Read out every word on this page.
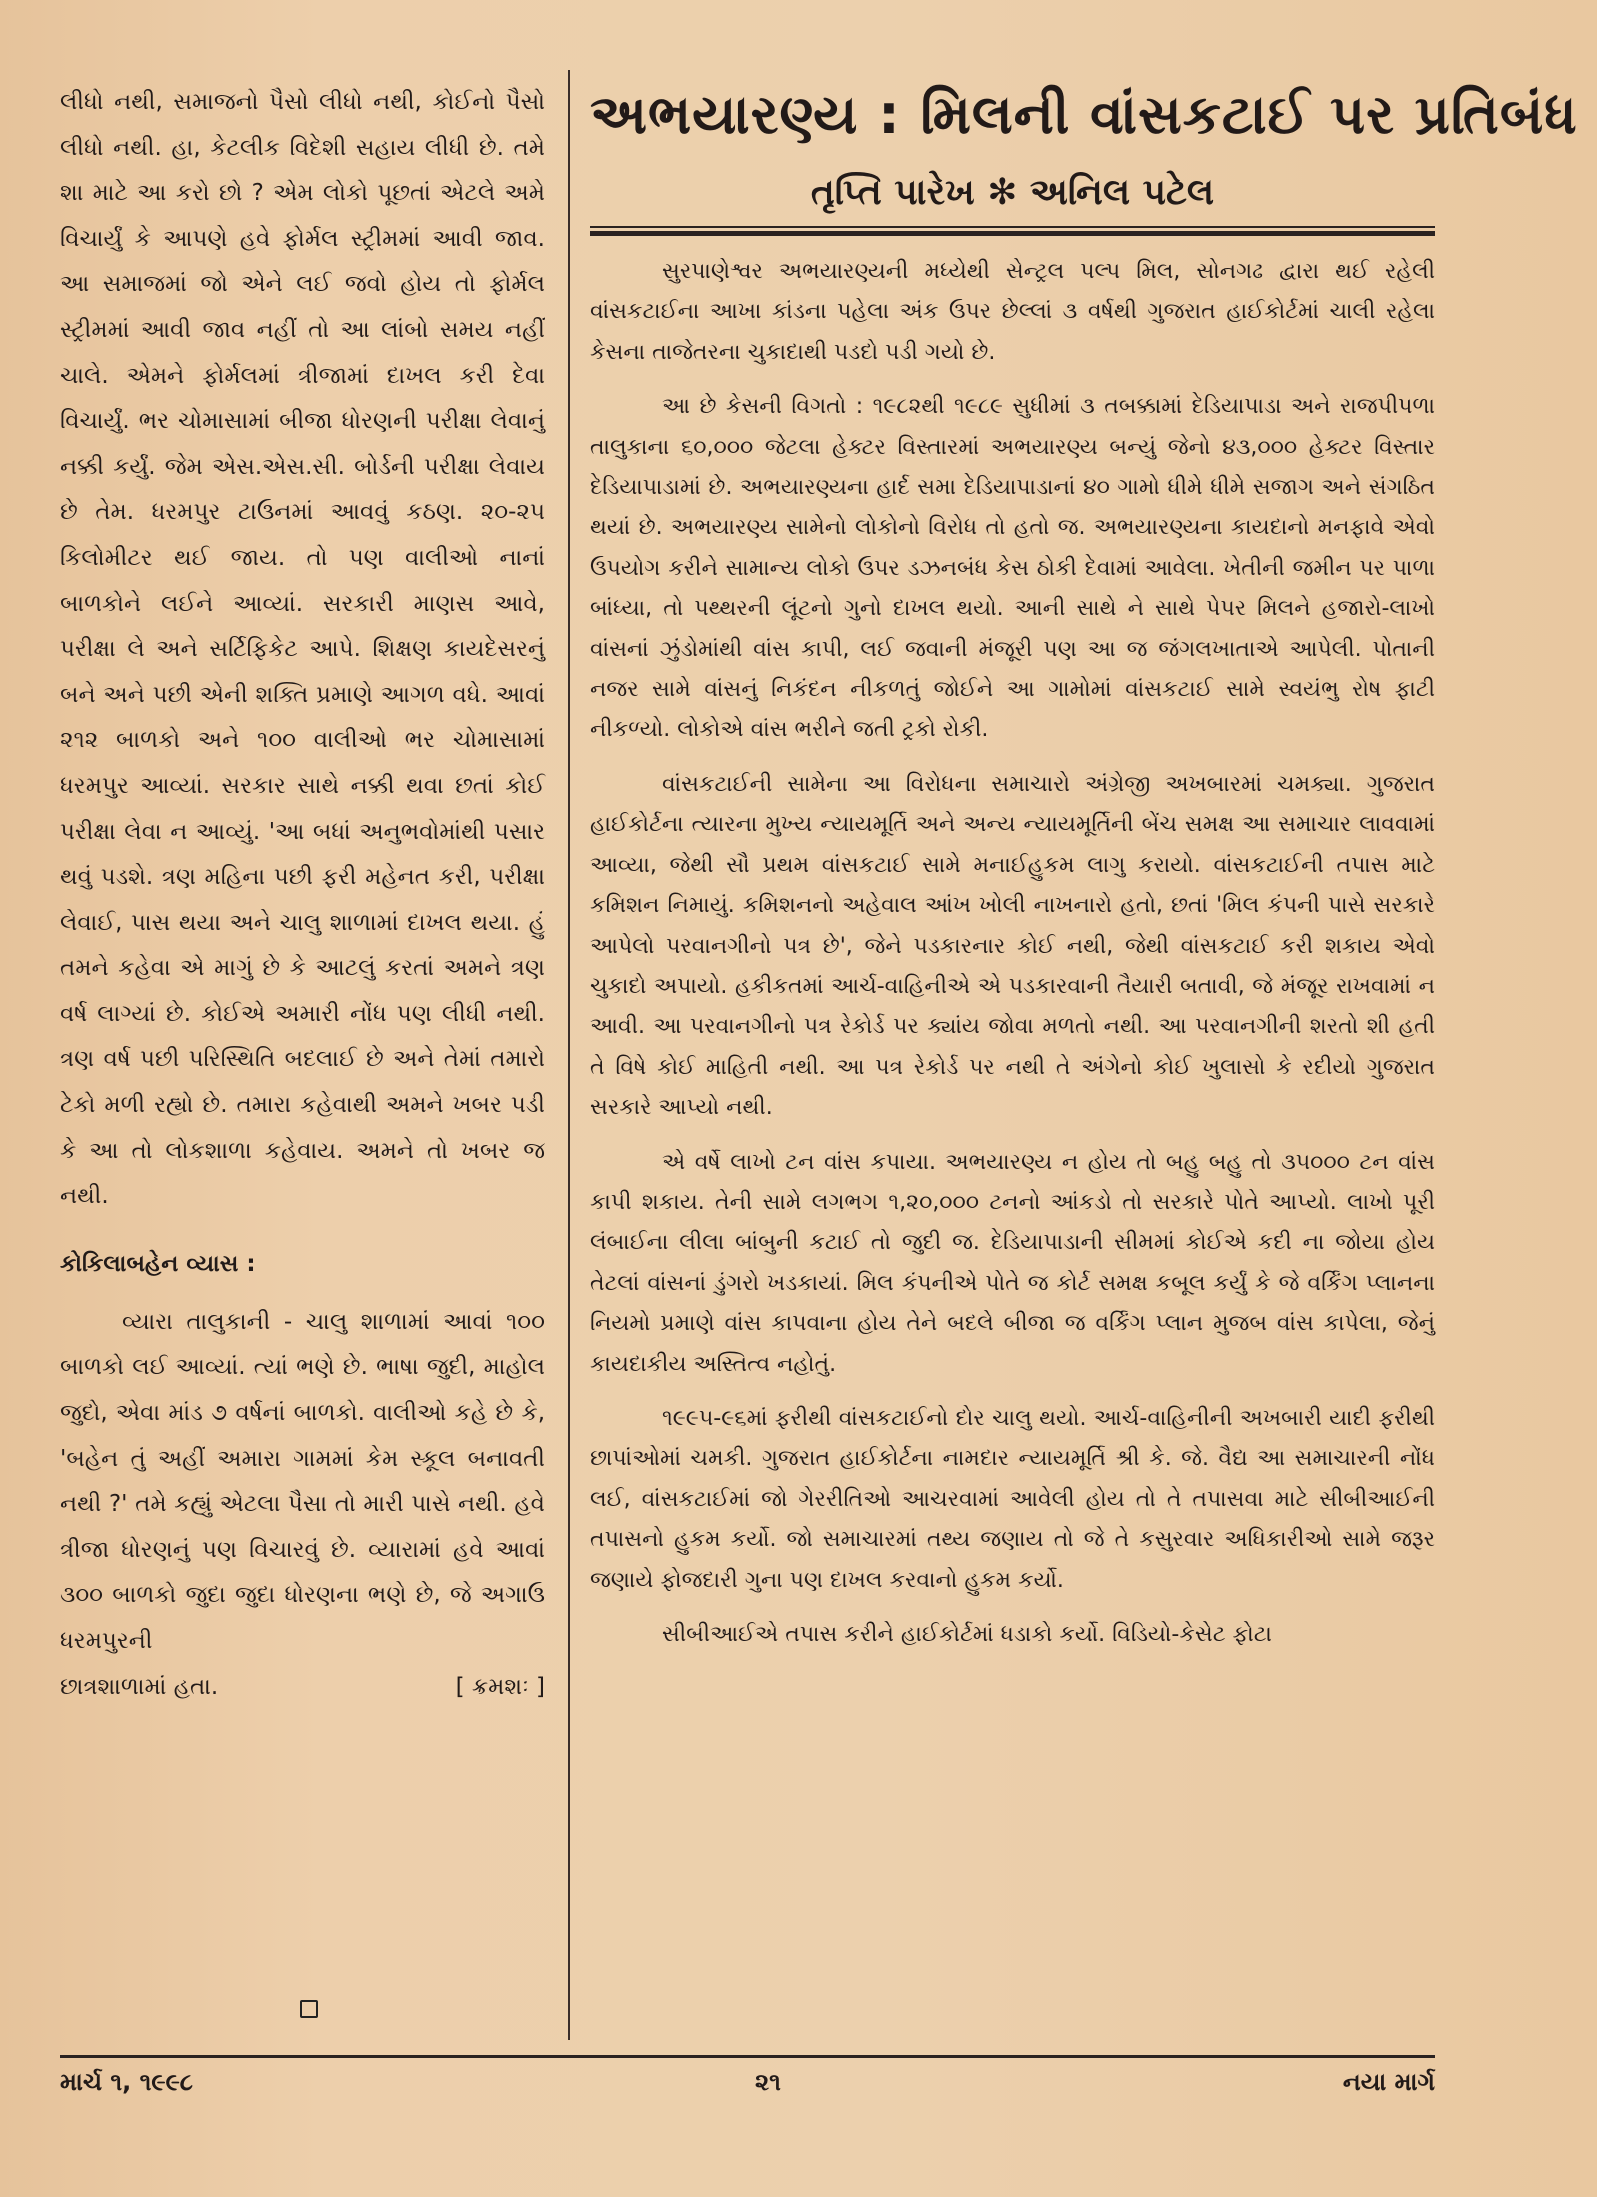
લીધો નથી, સમાજનો પૈસો લીધો નથી, કોઈનો પૈસો લીધો નથી. હા, કેટલીક વિદેશી સહાય લીધી છે. તમે શા માટે આ કરો છો ? એમ લોકો પૂછતાં એટલે અમે વિચાર્યું કે આપણે હવે ફોર્મલ સ્ટ્રીમમાં આવી જાવ. આ સમાજમાં જો એને લઈ જવો હોય તો ફોર્મલ સ્ટ્રીમમાં આવી જાવ નહીં તો આ લાંબો સમય નહીં ચાલે. એમને ફોર્મલમાં ત્રીજામાં દાખલ કરી દેવા વિચાર્યું. ભર ચોમાસામાં બીજા ધોરણની પરીક્ષા લેવાનું નક્કી કર્યું. જેમ એસ.એસ.સી. બોર્ડની પરીક્ષા લેવાય છે તેમ. ધરમપુર ટાઉનમાં આવવું કઠણ. ૨૦-૨૫ કિલોમીટર થઈ જાય. તો પણ વાલીઓ નાનાં બાળકોને લઈને આવ્યાં. સરકારી માણસ આવે, પરીક્ષા લે અને સર્ટિફિકેટ આપે. શિક્ષણ કાયદેસરનું બને અને પછી એની શક્તિ પ્રમાણે આગળ વધે. આવાં ૨૧૨ બાળકો અને ૧૦૦ વાલીઓ ભર ચોમાસામાં ધરમપુર આવ્યાં. સરકાર સાથે નક્કી થવા છતાં કોઈ પરીક્ષા લેવા ન આવ્યું. 'આ બધાં અનુભવોમાંથી પસાર થવું પડશે. ત્રણ મહિના પછી ફરી મહેનત કરી, પરીક્ષા લેવાઈ, પાસ થયા અને ચાલુ શાળામાં દાખલ થયા. હું તમને કહેવા એ માગું છે કે આટલું કરતાં અમને ત્રણ વર્ષ લાગ્યાં છે. કોઈએ અમારી નોંધ પણ લીધી નથી. ત્રણ વર્ષ પછી પરિસ્થિતિ બદલાઈ છે અને તેમાં તમારો ટેકો મળી રહ્યો છે. તમારા કહેવાથી અમને ખબર પડી કે આ તો લોકશાળા કહેવાય. અમને તો ખબર જ નથી.

કોકિલાબહેન વ્યાસ :

વ્યારા તાલુકાની - ચાલુ શાળામાં આવાં ૧૦૦ બાળકો લઈ આવ્યાં. ત્યાં ભણે છે. ભાષા જુદી, માહોલ જુદો, એવા માંડ ૭ વર્ષનાં બાળકો. વાલીઓ કહે છે કે, 'બહેન તું અહીં અમારા ગામમાં કેમ સ્કૂલ બનાવતી નથી ?' તમે કહ્યું એટલા પૈસા તો મારી પાસે નથી. હવે ત્રીજા ધોરણનું પણ વિચારવું છે. વ્યારામાં હવે આવાં ૩૦૦ બાળકો જુદા જુદા ધોરણના ભણે છે, જે અગાઉ ધરમપુરની

છાત્રશાળામાં હતા.	[ ક્રમશઃ ]
અભયારણ્ય : મિલની વાંસકટાઈ પર પ્રતિબંધ
તૃપ્તિ પારેખ ✻ અનિલ પટેલ

સુરપાણેશ્વર અભયારણ્યની મધ્યેથી સેન્ટ્રલ પલ્પ મિલ, સોનગઢ દ્વારા થઈ રહેલી વાંસકટાઈના આખા કાંડના પહેલા અંક ઉપર છેલ્લાં ૩ વર્ષથી ગુજરાત હાઈકોર્ટમાં ચાલી રહેલા કેસના તાજેતરના ચુકાદાથી પડદો પડી ગયો છે.

આ છે કેસની વિગતો : ૧૯૮૨થી ૧૯૮૯ સુધીમાં ૩ તબક્કામાં દેડિયાપાડા અને રાજપીપળા તાલુકાના ૬૦,૦૦૦ જેટલા હેક્ટર વિસ્તારમાં અભયારણ્ય બન્યું જેનો ૪૩,૦૦૦ હેક્ટર વિસ્તાર દેડિયાપાડામાં છે. અભયારણ્યના હાર્દ સમા દેડિયાપાડાનાં ૪૦ ગામો ધીમે ધીમે સજાગ અને સંગઠિત થયાં છે. અભયારણ્ય સામેનો લોકોનો વિરોધ તો હતો જ. અભયારણ્યના કાયદાનો મનફાવે એવો ઉપયોગ કરીને સામાન્ય લોકો ઉપર ડઝનબંધ કેસ ઠોકી દેવામાં આવેલા. ખેતીની જમીન પર પાળા બાંધ્યા, તો પથ્થરની લૂંટનો ગુનો દાખલ થયો. આની સાથે ને સાથે પેપર મિલને હજારો-લાખો વાંસનાં ઝુંડોમાંથી વાંસ કાપી, લઈ જવાની મંજૂરી પણ આ જ જંગલખાતાએ આપેલી. પોતાની નજર સામે વાંસનું નિકંદન નીકળતું જોઈને આ ગામોમાં વાંસકટાઈ સામે સ્વયંભુ રોષ ફાટી નીકળ્યો. લોકોએ વાંસ ભરીને જતી ટ્રકો રોકી.

વાંસકટાઈની સામેના આ વિરોધના સમાચારો અંગ્રેજી અખબારમાં ચમક્યા. ગુજરાત હાઈકોર્ટના ત્યારના મુખ્ય ન્યાયમૂર્તિ અને અન્ય ન્યાયમૂર્તિની બેંચ સમક્ષ આ સમાચાર લાવવામાં આવ્યા, જેથી સૌ પ્રથમ વાંસકટાઈ સામે મનાઈહુકમ લાગુ કરાયો. વાંસકટાઈની તપાસ માટે કમિશન નિમાયું. કમિશનનો અહેવાલ આંખ ખોલી નાખનારો હતો, છતાં 'મિલ કંપની પાસે સરકારે આપેલો પરવાનગીનો પત્ર છે', જેને પડકારનાર કોઈ નથી, જેથી વાંસકટાઈ કરી શકાય એવો ચુકાદો અપાયો. હકીકતમાં આર્ચ-વાહિનીએ એ પડકારવાની તૈયારી બતાવી, જે મંજૂર રાખવામાં ન આવી. આ પરવાનગીનો પત્ર રેકોર્ડ પર ક્યાંય જોવા મળતો નથી. આ પરવાનગીની શરતો શી હતી તે વિષે કોઈ માહિતી નથી. આ પત્ર રેકોર્ડ પર નથી તે અંગેનો કોઈ ખુલાસો કે રદીયો ગુજરાત સરકારે આપ્યો નથી.

એ વર્ષે લાખો ટન વાંસ કપાયા. અભયારણ્ય ન હોય તો બહુ બહુ તો ૩૫૦૦૦ ટન વાંસ કાપી શકાય. તેની સામે લગભગ ૧,૨૦,૦૦૦ ટનનો આંકડો તો સરકારે પોતે આપ્યો. લાખો પૂરી લંબાઈના લીલા બાંબુની કટાઈ તો જુદી જ. દેડિયાપાડાની સીમમાં કોઈએ કદી ના જોયા હોય તેટલાં વાંસનાં ડુંગરો ખડકાયાં. મિલ કંપનીએ પોતે જ કોર્ટ સમક્ષ કબૂલ કર્યું કે જે વર્કિંગ પ્લાનના નિયમો પ્રમાણે વાંસ કાપવાના હોય તેને બદલે બીજા જ વર્કિંગ પ્લાન મુજબ વાંસ કાપેલા, જેનું કાયદાકીય અસ્તિત્વ નહોતું.

૧૯૯૫-૯૬માં ફરીથી વાંસકટાઈનો દોર ચાલુ થયો. આર્ચ-વાહિનીની અખબારી યાદી ફરીથી છાપાંઓમાં ચમકી. ગુજરાત હાઈકોર્ટના નામદાર ન્યાયમૂર્તિ શ્રી કે. જે. વૈદ્ય આ સમાચારની નોંધ લઈ, વાંસકટાઈમાં જો ગેરરીતિઓ આચરવામાં આવેલી હોય તો તે તપાસવા માટે સીબીઆઈની તપાસનો હુકમ કર્યો. જો સમાચારમાં તથ્ય જણાય તો જે તે કસુરવાર અધિકારીઓ સામે જરૂર જણાયે ફોજદારી ગુના પણ દાખલ કરવાનો હુકમ કર્યો.

સીબીઆઈએ તપાસ કરીને હાઈકોર્ટમાં ધડાકો કર્યો. વિડિયો-કેસેટ ફોટા

માર્ચ ૧, ૧૯૯૮	૨૧	નયા માર્ગ
